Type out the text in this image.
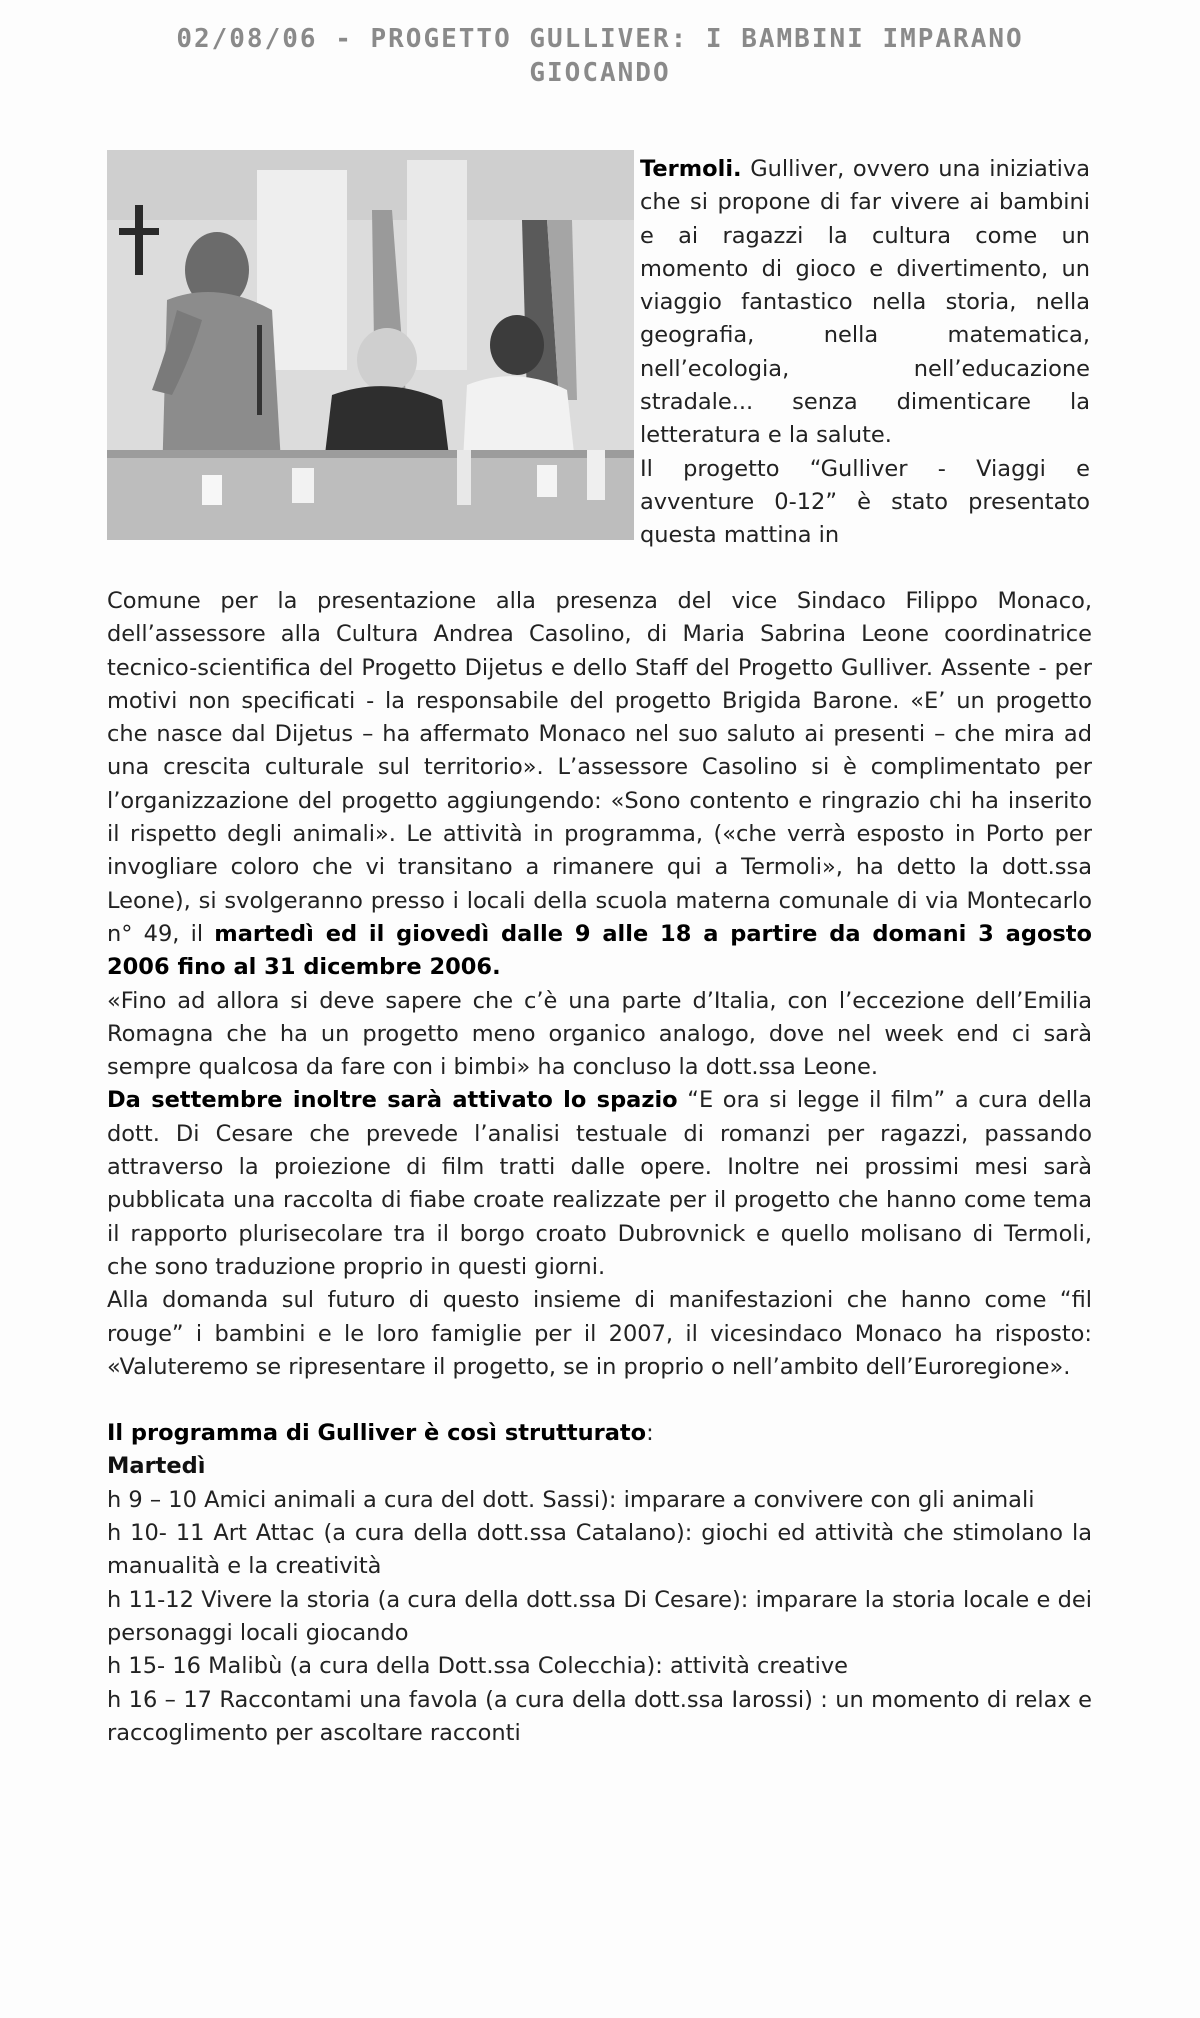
02/08/06 - PROGETTO GULLIVER: I BAMBINI IMPARANO
GIOCANDO

Termoli. Gulliver, ovvero una iniziativa che si propone di far vivere ai bambini e ai ragazzi la cultura come un momento di gioco e divertimento, un viaggio fantastico nella storia, nella geografia, nella matematica, nell’ecologia, nell’educazione stradale... senza dimenticare la letteratura e la salute.

Il progetto “Gulliver - Viaggi e avventure 0-12” è stato presentato questa mattina in

Comune per la presentazione alla presenza del vice Sindaco Filippo Monaco, dell’assessore alla Cultura Andrea Casolino, di Maria Sabrina Leone coordinatrice tecnico-scientifica del Progetto Dijetus e dello Staff del Progetto Gulliver. Assente - per motivi non specificati - la responsabile del progetto Brigida Barone. «E’ un progetto che nasce dal Dijetus – ha affermato Monaco nel suo saluto ai presenti – che mira ad una crescita culturale sul territorio». L’assessore Casolino si è complimentato per l’organizzazione del progetto aggiungendo: «Sono contento e ringrazio chi ha inserito il rispetto degli animali». Le attività in programma, («che verrà esposto in Porto per invogliare coloro che vi transitano a rimanere qui a Termoli», ha detto la dott.ssa Leone), si svolgeranno presso i locali della scuola materna comunale di via Montecarlo n° 49, il martedì ed il giovedì dalle 9 alle 18 a partire da domani 3 agosto 2006 fino al 31 dicembre 2006.

«Fino ad allora si deve sapere che c’è una parte d’Italia, con l’eccezione dell’Emilia Romagna che ha un progetto meno organico analogo, dove nel week end ci sarà sempre qualcosa da fare con i bimbi» ha concluso la dott.ssa Leone.

Da settembre inoltre sarà attivato lo spazio “E ora si legge il film” a cura della dott. Di Cesare che prevede l’analisi testuale di romanzi per ragazzi, passando attraverso la proiezione di film tratti dalle opere. Inoltre nei prossimi mesi sarà pubblicata una raccolta di fiabe croate realizzate per il progetto che hanno come tema il rapporto plurisecolare tra il borgo croato Dubrovnick e quello molisano di Termoli, che sono traduzione proprio in questi giorni.

Alla domanda sul futuro di questo insieme di manifestazioni che hanno come “fil rouge” i bambini e le loro famiglie per il 2007, il vicesindaco Monaco ha risposto: «Valuteremo se ripresentare il progetto, se in proprio o nell’ambito dell’Euroregione».

Il programma di Gulliver è così strutturato:

Martedì

h 9 – 10 Amici animali a cura del dott. Sassi): imparare a convivere con gli animali

h 10- 11 Art Attac (a cura della dott.ssa Catalano): giochi ed attività che stimolano la manualità e la creatività

h 11-12 Vivere la storia (a cura della dott.ssa Di Cesare): imparare la storia locale e dei personaggi locali giocando

h 15- 16 Malibù (a cura della Dott.ssa Colecchia): attività creative

h 16 – 17 Raccontami una favola (a cura della dott.ssa Iarossi) : un momento di relax e raccoglimento per ascoltare racconti
